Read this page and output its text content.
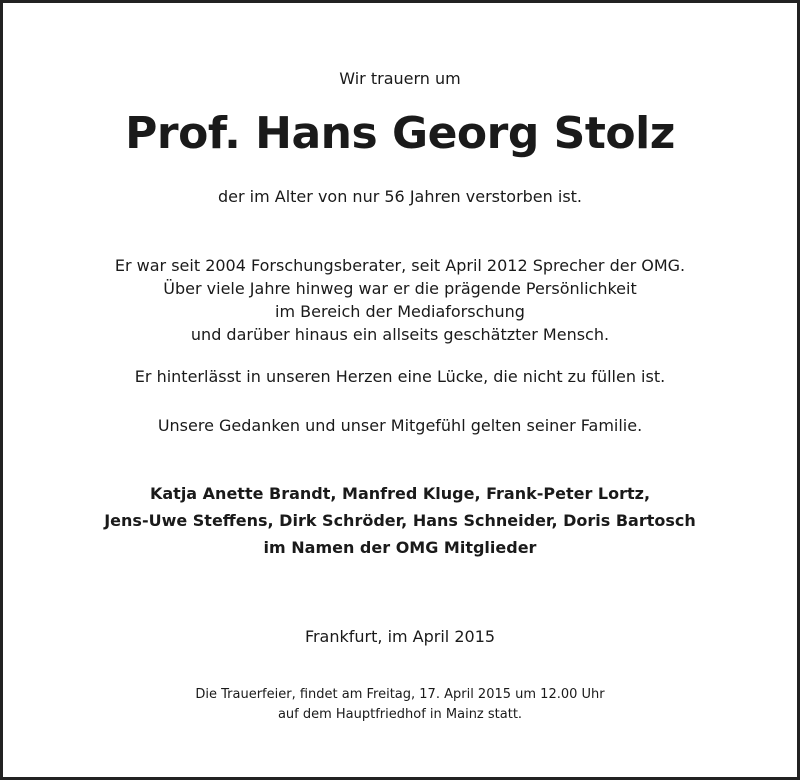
Wir trauern um

Prof. Hans Georg Stolz

der im Alter von nur 56 Jahren verstorben ist.

Er war seit 2004 Forschungsberater, seit April 2012 Sprecher der OMG.

Über viele Jahre hinweg war er die prägende Persönlichkeit

im Bereich der Mediaforschung

und darüber hinaus ein allseits geschätzter Mensch.

Er hinterlässt in unseren Herzen eine Lücke, die nicht zu füllen ist.

Unsere Gedanken und unser Mitgefühl gelten seiner Familie.

Katja Anette Brandt, Manfred Kluge, Frank-Peter Lortz,

Jens-Uwe Steffens, Dirk Schröder, Hans Schneider, Doris Bartosch

im Namen der OMG Mitglieder

Frankfurt, im April 2015

Die Trauerfeier, findet am Freitag, 17. April 2015 um 12.00 Uhr

auf dem Hauptfriedhof in Mainz statt.
